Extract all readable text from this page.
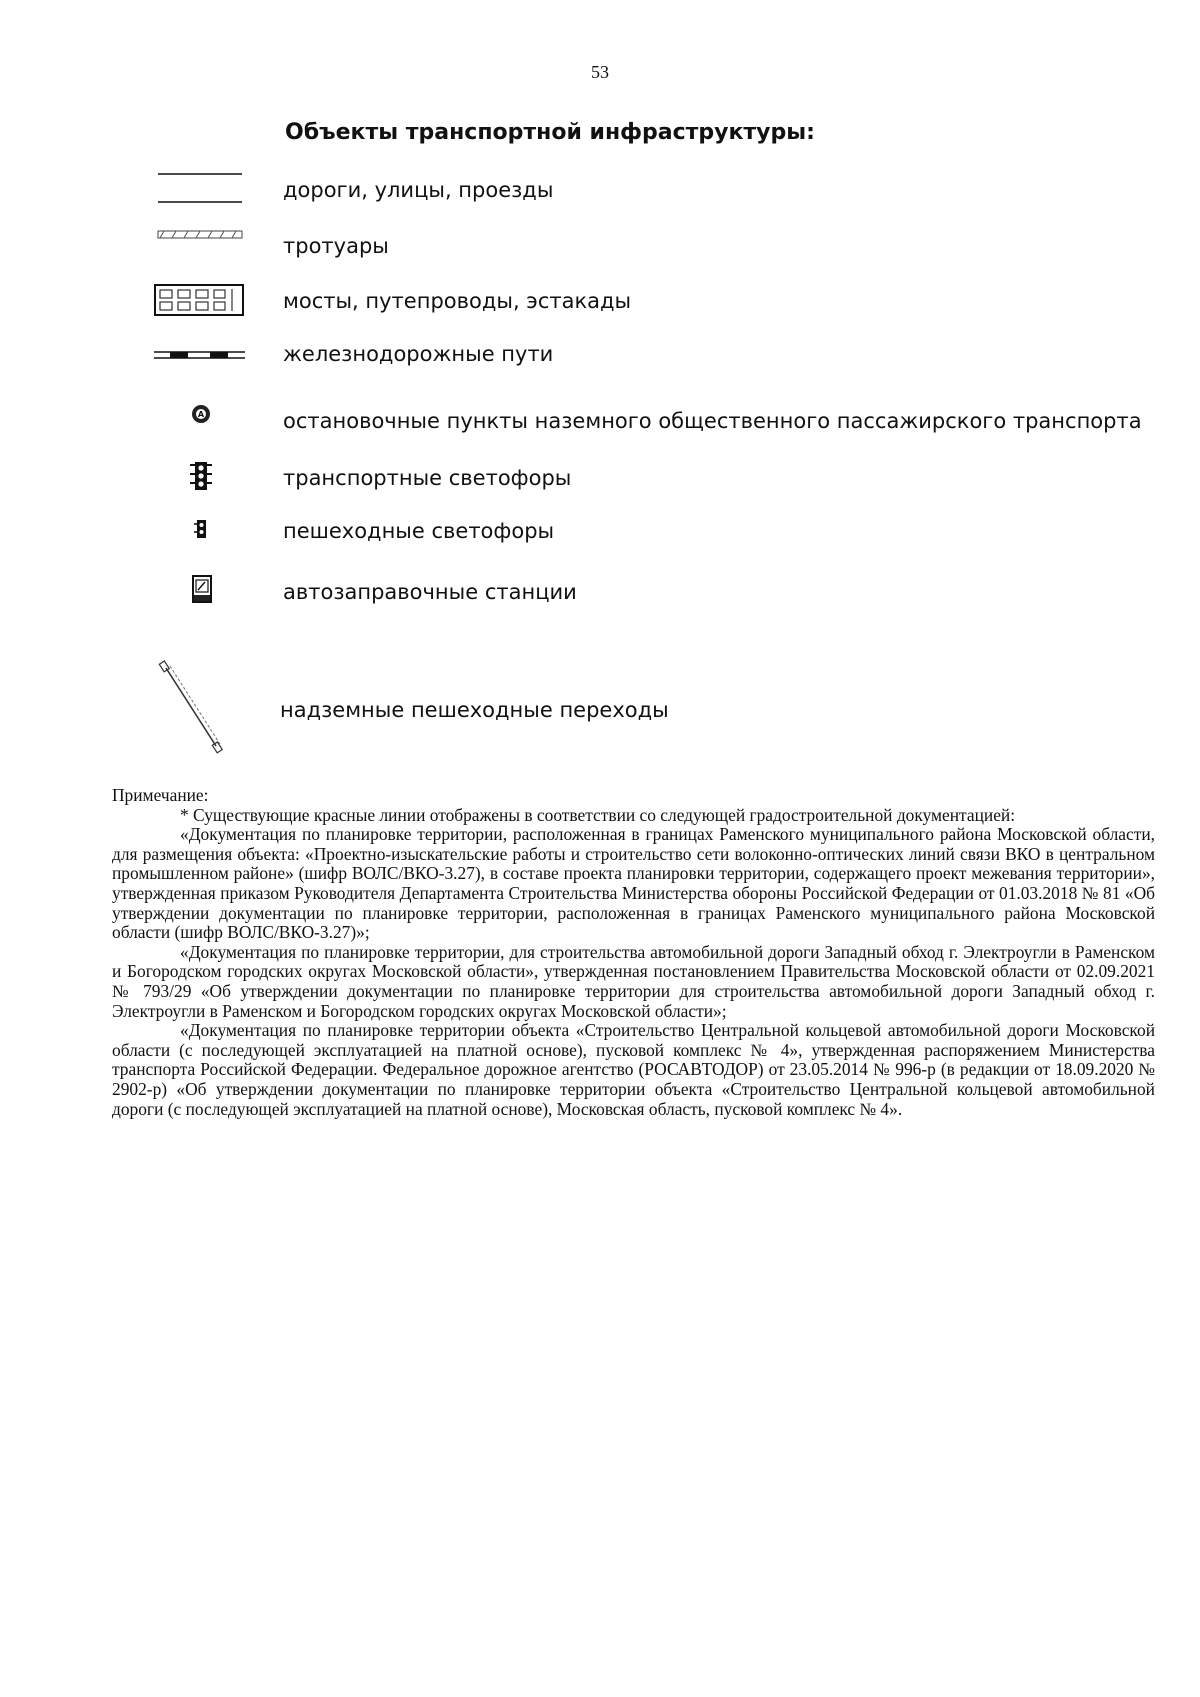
53
Объекты транспортной инфраструктуры:
дороги, улицы, проезды
тротуары
мосты, путепроводы, эстакады
железнодорожные пути
A	остановочные пункты наземного общественного пассажирского транспорта
транспортные светофоры
пешеходные светофоры
автозаправочные станции
надземные пешеходные переходы

Примечание:

* Существующие красные линии отображены в соответствии со следующей градостроительной документацией:

«Документация по планировке территории, расположенная в границах Раменского муниципального района Московской области, для размещения объекта: «Проектно-изыскательские работы и строительство сети волоконно-оптических линий связи ВКО в центральном промышленном районе» (шифр ВОЛС/ВКО-3.27), в составе проекта планировки территории, содержащего проект межевания территории», утвержденная приказом Руководителя Департамента Строительства Министерства обороны Российской Федерации от 01.03.2018 № 81 «Об утверждении документации по планировке территории, расположенная в границах Раменского муниципального района Московской области (шифр ВОЛС/ВКО-3.27)»;

«Документация по планировке территории, для строительства автомобильной дороги Западный обход г. Электроугли в Раменском и Богородском городских округах Московской области», утвержденная постановлением Правительства Московской области от 02.09.2021 № 793/29 «Об утверждении документации по планировке территории для строительства автомобильной дороги Западный обход г. Электроугли в Раменском и Богородском городских округах Московской области»;

«Документация по планировке территории объекта «Строительство Центральной кольцевой автомобильной дороги Московской области (с последующей эксплуатацией на платной основе), пусковой комплекс № 4», утвержденная распоряжением Министерства транспорта Российской Федерации. Федеральное дорожное агентство (РОСАВТОДОР) от 23.05.2014 № 996-р (в редакции от 18.09.2020 № 2902-р) «Об утверждении документации по планировке территории объекта «Строительство Центральной кольцевой автомобильной дороги (с последующей эксплуатацией на платной основе), Московская область, пусковой комплекс № 4».
